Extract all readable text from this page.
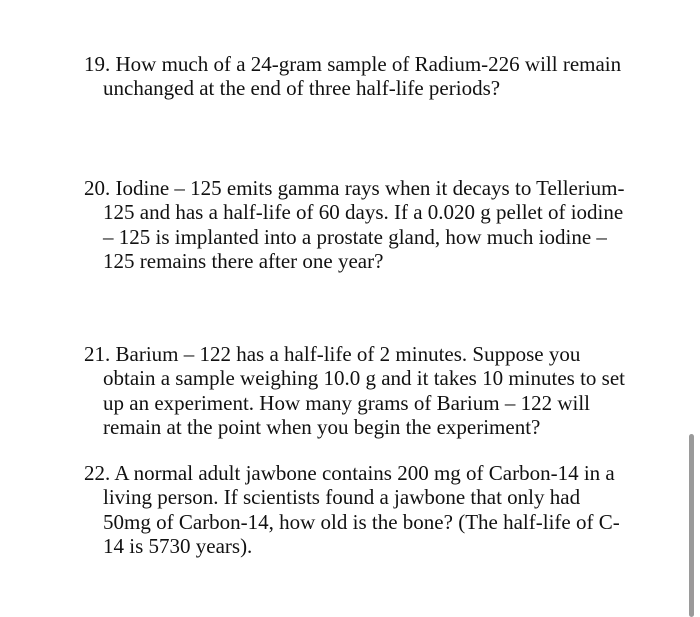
19. How much of a 24-gram sample of Radium-226 will remain
unchanged at the end of three half-life periods?
20. Iodine – 125 emits gamma rays when it decays to Tellerium-
125 and has a half-life of 60 days. If a 0.020 g pellet of iodine
– 125 is implanted into a prostate gland, how much iodine –
125 remains there after one year?
21. Barium – 122 has a half-life of 2 minutes. Suppose you
obtain a sample weighing 10.0 g and it takes 10 minutes to set
up an experiment. How many grams of Barium – 122 will
remain at the point when you begin the experiment?
22. A normal adult jawbone contains 200 mg of Carbon-14 in a
living person. If scientists found a jawbone that only had
50mg of Carbon-14, how old is the bone? (The half-life of C-
14 is 5730 years).
